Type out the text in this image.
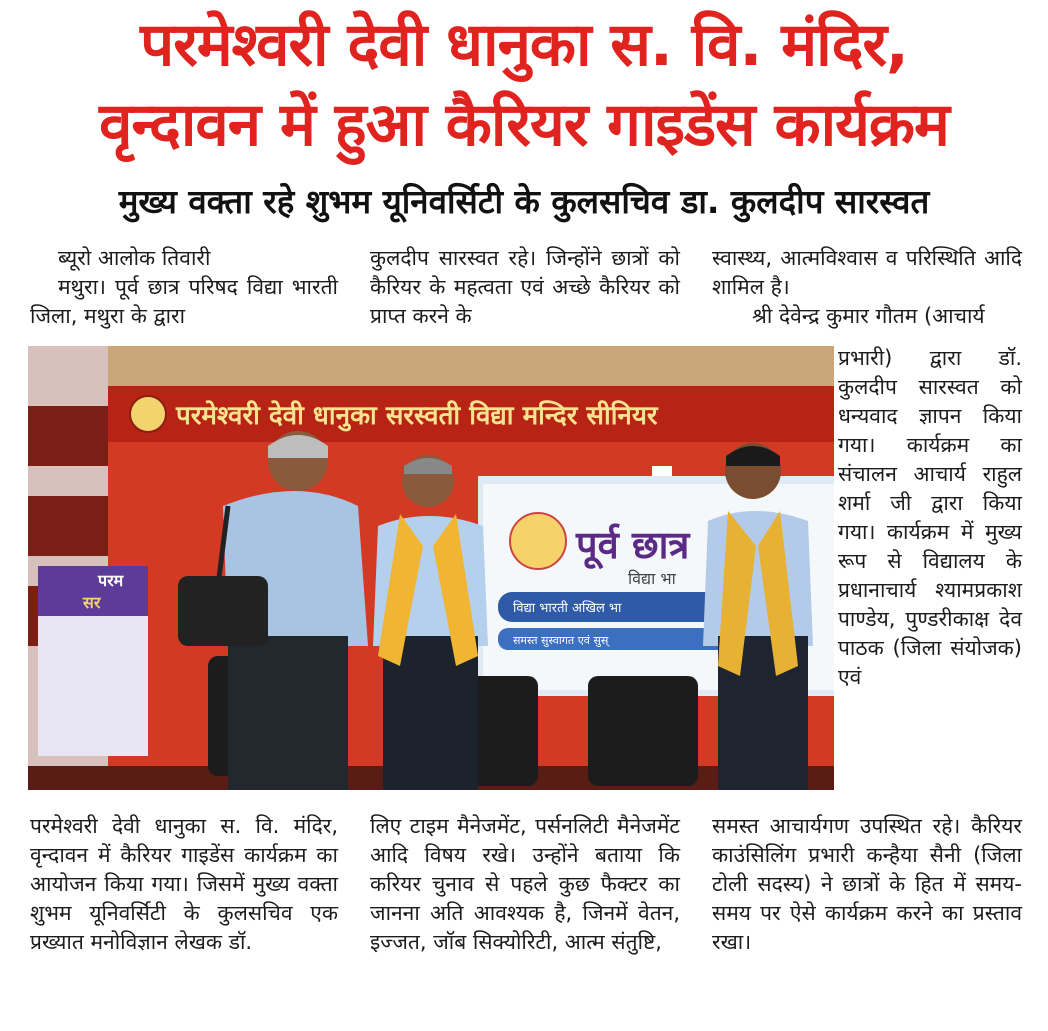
परमेश्वरी देवी धानुका स. वि. मंदिर,
वृन्दावन में हुआ कैरियर गाइडेंस कार्यक्रम
मुख्य वक्ता रहे शुभम यूनिवर्सिटी के कुलसचिव डा. कुलदीप सारस्वत

ब्यूरो आलोक तिवारी

मथुरा। पूर्व छात्र परिषद विद्या भारती जिला, मथुरा के द्वारा

कुलदीप सारस्वत रहे। जिन्होंने छात्रों को कैरियर के महत्वता एवं अच्छे कैरियर को प्राप्त करने के

स्वास्थ्य, आत्मविश्वास व परिस्थिति आदि शामिल है।

श्री देवेन्द्र कुमार गौतम (आचार्य

प्रभारी) द्वारा डॉ. कुलदीप सारस्वत को धन्यवाद ज्ञापन किया गया। कार्यक्रम का संचालन आचार्य राहुल शर्मा जी द्वारा किया गया। कार्यक्रम में मुख्य रूप से विद्यालय के प्रधानाचार्य श्यामप्रकाश पाण्डेय, पुण्डरीकाक्ष देव पाठक (जिला संयोजक) एवं

परमेश्वरी देवी धानुका सरस्वती विद्या मन्दिर सीनियर
पूर्व छात्र
विद्या भा
विद्या भारती अखिल भा
समस्त सुस्वागत एवं सुस्
परम
सर

परमेश्वरी देवी धानुका स. वि. मंदिर, वृन्दावन में कैरियर गाइडेंस कार्यक्रम का आयोजन किया गया। जिसमें मुख्य वक्ता शुभम यूनिवर्सिटी के कुलसचिव एक प्रख्यात मनोविज्ञान लेखक डॉ.

लिए टाइम मैनेजमेंट, पर्सनलिटी मैनेजमेंट आदि विषय रखे। उन्होंने बताया कि करियर चुनाव से पहले कुछ फैक्टर का जानना अति आवश्यक है, जिनमें वेतन, इज्जत, जॉब सिक्योरिटी, आत्म संतुष्टि,

समस्त आचार्यगण उपस्थित रहे। कैरियर काउंसिलिंग प्रभारी कन्हैया सैनी (जिला टोली सदस्य) ने छात्रों के हित में समय-समय पर ऐसे कार्यक्रम करने का प्रस्ताव रखा।
